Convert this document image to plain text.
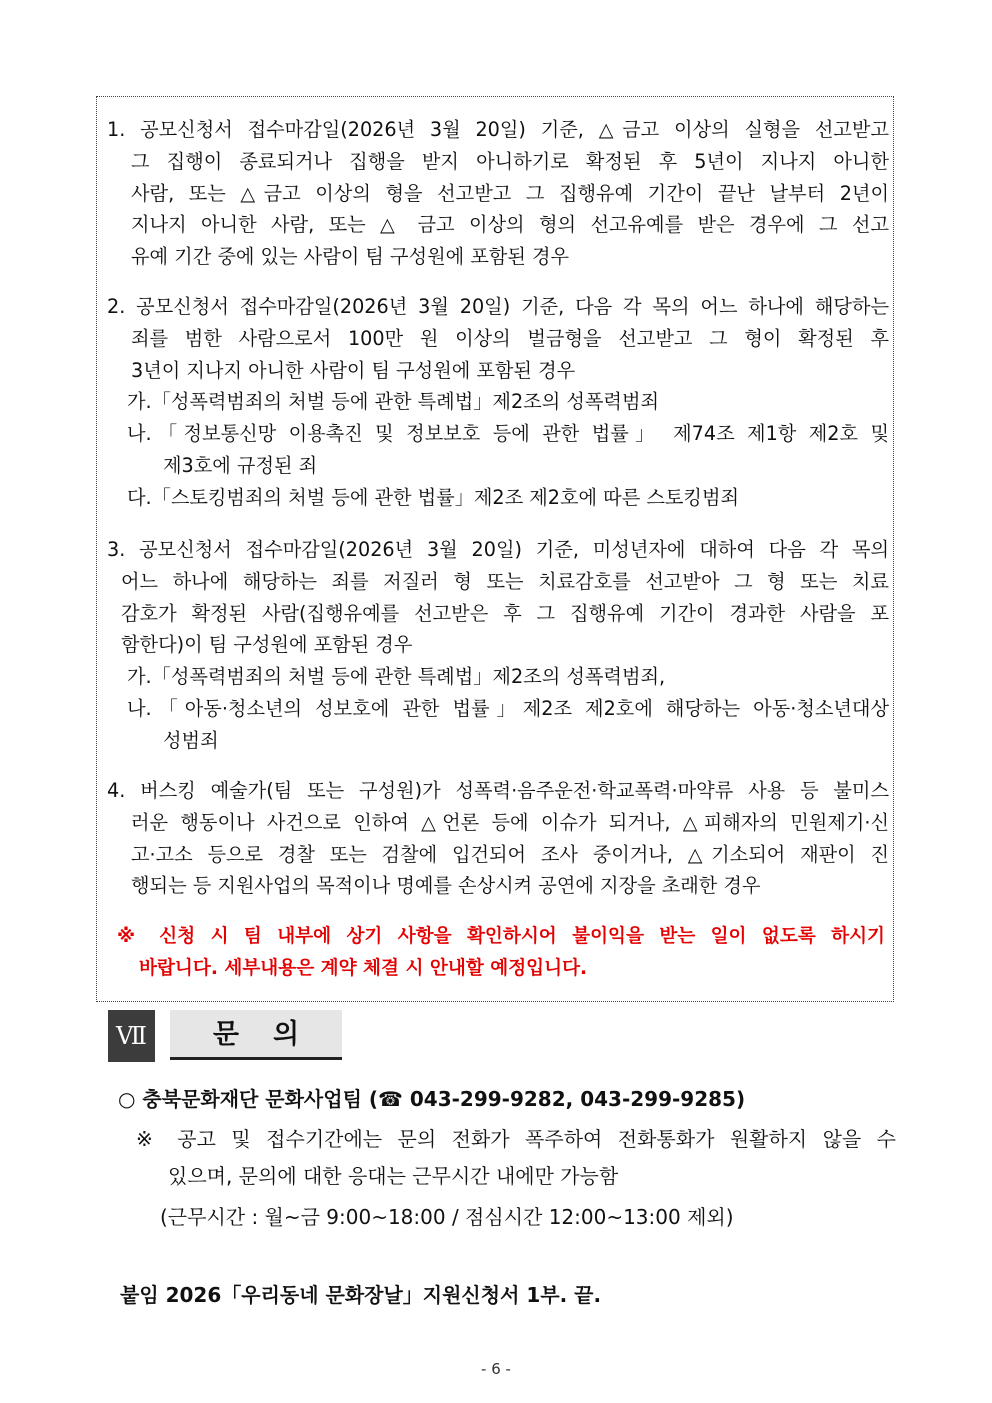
1. 공모신청서 접수마감일(2026년 3월 20일) 기준, △금고 이상의 실형을 선고받고
그 집행이 종료되거나 집행을 받지 아니하기로 확정된 후 5년이 지나지 아니한
사람, 또는 △금고 이상의 형을 선고받고 그 집행유예 기간이 끝난 날부터 2년이
지나지 아니한 사람, 또는 △ 금고 이상의 형의 선고유예를 받은 경우에 그 선고
유예 기간 중에 있는 사람이 팀 구성원에 포함된 경우
2. 공모신청서 접수마감일(2026년 3월 20일) 기준, 다음 각 목의 어느 하나에 해당하는
죄를 범한 사람으로서 100만 원 이상의 벌금형을 선고받고 그 형이 확정된 후
3년이 지나지 아니한 사람이 팀 구성원에 포함된 경우
가.「성폭력범죄의 처벌 등에 관한 특례법」제2조의 성폭력범죄
나.「정보통신망 이용촉진 및 정보보호 등에 관한 법률」 제74조 제1항 제2호 및
제3호에 규정된 죄
다.「스토킹범죄의 처벌 등에 관한 법률」제2조 제2호에 따른 스토킹범죄
3. 공모신청서 접수마감일(2026년 3월 20일) 기준, 미성년자에 대하여 다음 각 목의
어느 하나에 해당하는 죄를 저질러 형 또는 치료감호를 선고받아 그 형 또는 치료
감호가 확정된 사람(집행유예를 선고받은 후 그 집행유예 기간이 경과한 사람을 포
함한다)이 팀 구성원에 포함된 경우
가.「성폭력범죄의 처벌 등에 관한 특례법」제2조의 성폭력범죄,
나.「아동·청소년의 성보호에 관한 법률」제2조 제2호에 해당하는 아동·청소년대상
성범죄
4. 버스킹 예술가(팀 또는 구성원)가 성폭력·음주운전·학교폭력·마약류 사용 등 불미스
러운 행동이나 사건으로 인하여 △언론 등에 이슈가 되거나, △피해자의 민원제기·신
고·고소 등으로 경찰 또는 검찰에 입건되어 조사 중이거나, △기소되어 재판이 진
행되는 등 지원사업의 목적이나 명예를 손상시켜 공연에 지장을 초래한 경우
※ 신청 시 팀 내부에 상기 사항을 확인하시어 불이익을 받는 일이 없도록 하시기
바랍니다. 세부내용은 계약 체결 시 안내할 예정입니다.
Ⅶ	문의
○ 충북문화재단 문화사업팀 (☎ 043-299-9282, 043-299-9285)
※ 공고 및 접수기간에는 문의 전화가 폭주하여 전화통화가 원활하지 않을 수
있으며, 문의에 대한 응대는 근무시간 내에만 가능함
(근무시간 : 월~금 9:00~18:00 / 점심시간 12:00~13:00 제외)
붙임 2026「우리동네 문화장날」지원신청서 1부. 끝.
- 6 -
